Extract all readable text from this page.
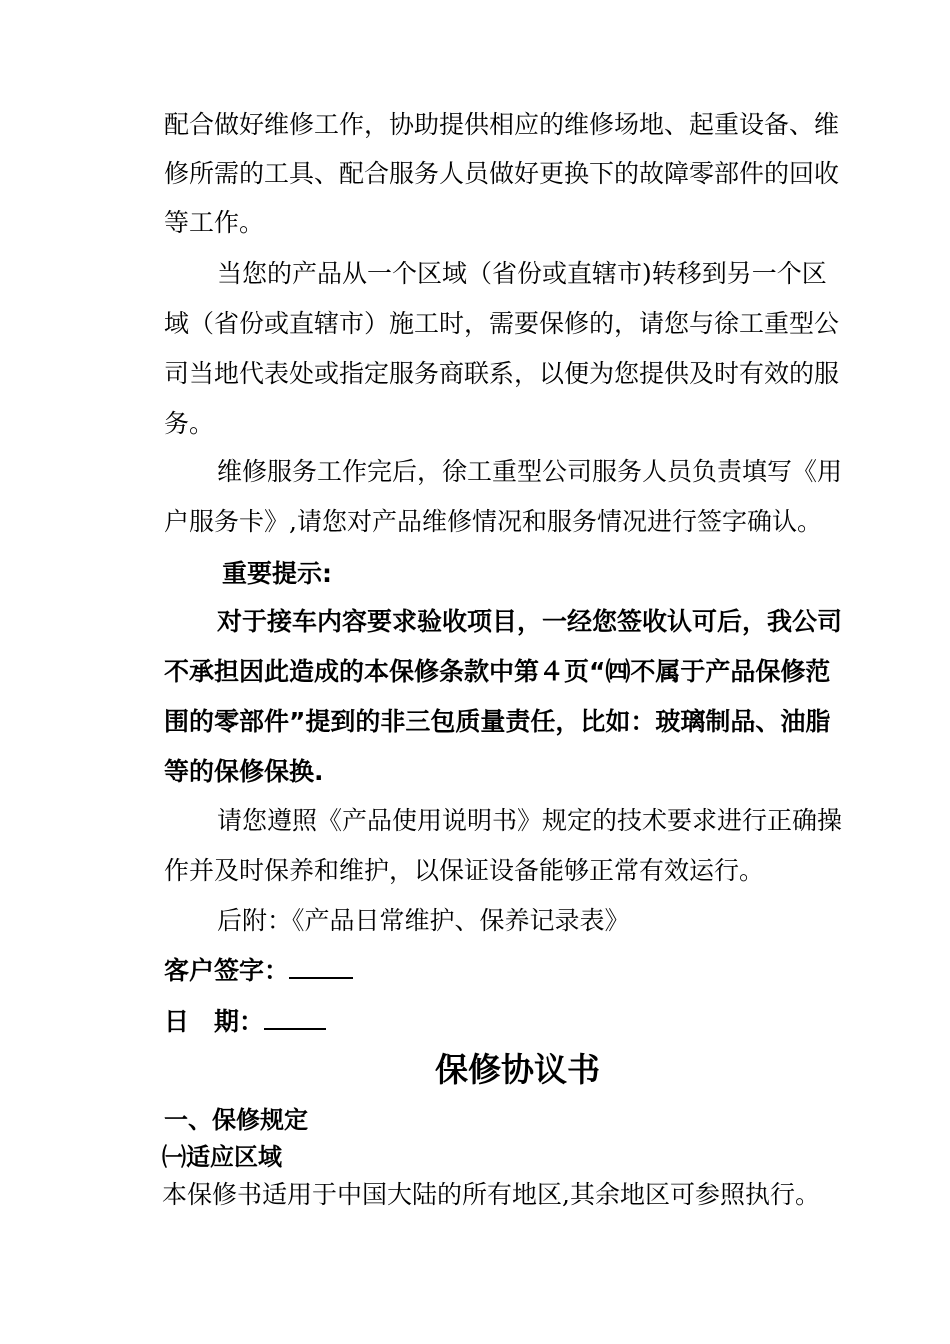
配合做好维修工作，协助提供相应的维修场地、起重设备、维
修所需的工具、配合服务人员做好更换下的故障零部件的回收
等工作。
当您的产品从一个区域（省份或直辖市)转移到另一个区
域（省份或直辖市）施工时，需要保修的，请您与徐工重型公
司当地代表处或指定服务商联系，以便为您提供及时有效的服
务。
维修服务工作完后，徐工重型公司服务人员负责填写《用
户服务卡》,请您对产品维修情况和服务情况进行签字确认。
重要提示:
对于接车内容要求验收项目，一经您签收认可后，我公司
不承担因此造成的本保修条款中第４页“㈣不属于产品保修范
围的零部件”提到的非三包质量责任，比如：玻璃制品、油脂
等的保修保换.
请您遵照《产品使用说明书》规定的技术要求进行正确操
作并及时保养和维护，以保证设备能够正常有效运行。
后附：《产品日常维护、保养记录表》
客户签字：
日　期：
保修协议书
一、保修规定
㈠适应区域
本保修书适用于中国大陆的所有地区,其余地区可参照执行。
